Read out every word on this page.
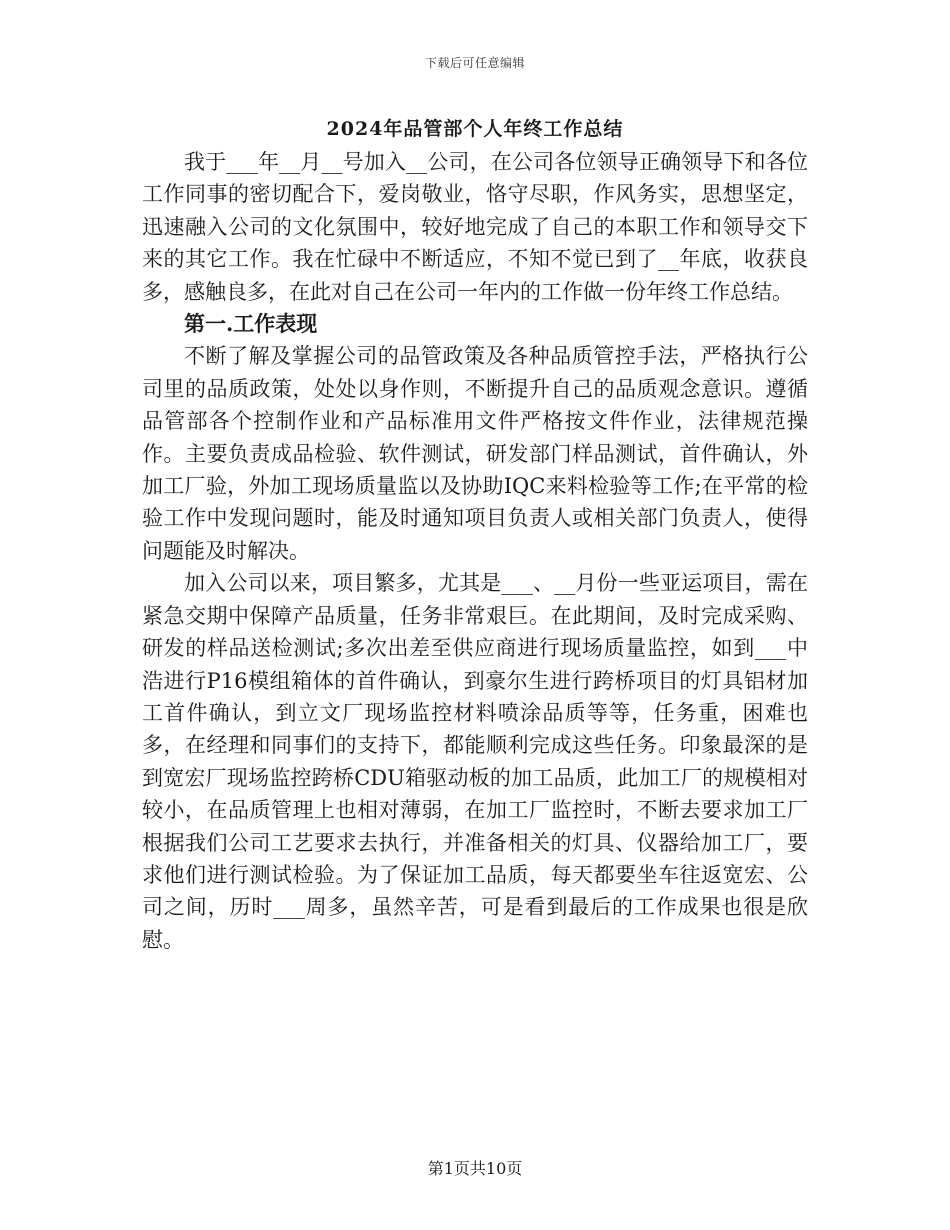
下载后可任意编辑
2024年品管部个人年终工作总结

我于___年__月__号加入__公司，在公司各位领导正确领导下和各位工作同事的密切配合下，爱岗敬业，恪守尽职，作风务实，思想坚定，迅速融入公司的文化氛围中，较好地完成了自己的本职工作和领导交下来的其它工作。我在忙碌中不断适应，不知不觉已到了__年底，收获良多，感触良多，在此对自己在公司一年内的工作做一份年终工作总结。

第一.工作表现

不断了解及掌握公司的品管政策及各种品质管控手法，严格执行公司里的品质政策，处处以身作则，不断提升自己的品质观念意识。遵循品管部各个控制作业和产品标准用文件严格按文件作业，法律规范操作。主要负责成品检验、软件测试，研发部门样品测试，首件确认，外加工厂验，外加工现场质量监以及协助IQC来料检验等工作;在平常的检验工作中发现问题时，能及时通知项目负责人或相关部门负责人，使得问题能及时解决。

加入公司以来，项目繁多，尤其是___、__月份一些亚运项目，需在紧急交期中保障产品质量，任务非常艰巨。在此期间，及时完成采购、研发的样品送检测试;多次出差至供应商进行现场质量监控，如到___中浩进行P16模组箱体的首件确认，到豪尔生进行跨桥项目的灯具铝材加工首件确认，到立文厂现场监控材料喷涂品质等等，任务重，困难也多，在经理和同事们的支持下，都能顺利完成这些任务。印象最深的是到宽宏厂现场监控跨桥CDU箱驱动板的加工品质，此加工厂的规模相对较小，在品质管理上也相对薄弱，在加工厂监控时，不断去要求加工厂根据我们公司工艺要求去执行，并准备相关的灯具、仪器给加工厂，要求他们进行测试检验。为了保证加工品质，每天都要坐车往返宽宏、公司之间，历时___周多，虽然辛苦，可是看到最后的工作成果也很是欣慰。

第1页共10页
